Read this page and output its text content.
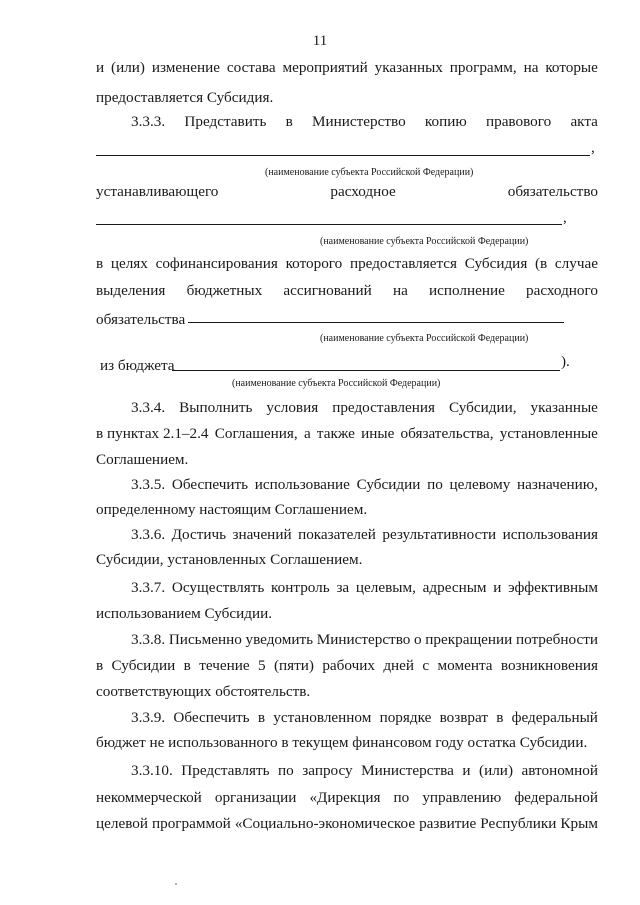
11
и (или) изменение состава мероприятий указанных программ, на которые
предоставляется Субсидия.
3.3.3. Представить в Министерство копию правового акта
,
(наименование субъекта Российской Федерации)
устанавливающего	расходное	обязательство
,
(наименование субъекта Российской Федерации)
в целях софинансирования которого предоставляется Субсидия (в случае
выделения бюджетных ассигнований на исполнение расходного
обязательства
(наименование субъекта Российской Федерации)
из бюджета	).
(наименование субъекта Российской Федерации)
3.3.4. Выполнить условия предоставления Субсидии, указанные
в пунктах 2.1–2.4 Соглашения, а также иные обязательства, установленные
Соглашением.
3.3.5. Обеспечить использование Субсидии по целевому назначению,
определенному настоящим Соглашением.
3.3.6. Достичь значений показателей результативности использования
Субсидии, установленных Соглашением.
3.3.7. Осуществлять контроль за целевым, адресным и эффективным
использованием Субсидии.
3.3.8. Письменно уведомить Министерство о прекращении потребности
в Субсидии в течение 5 (пяти) рабочих дней с момента возникновения
соответствующих обстоятельств.
3.3.9. Обеспечить в установленном порядке возврат в федеральный
бюджет не использованного в текущем финансовом году остатка Субсидии.
3.3.10. Представлять по запросу Министерства и (или) автономной
некоммерческой организации «Дирекция по управлению федеральной
целевой программой «Социально-экономическое развитие Республики Крым
